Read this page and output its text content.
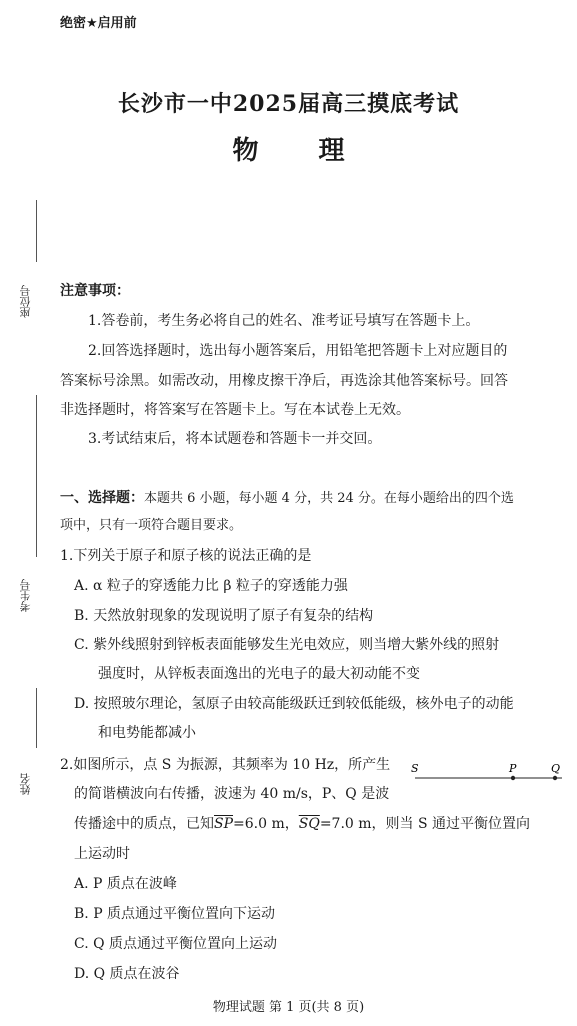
绝密★启用前
长沙市一中2025届高三摸底考试
物 理
座位号
考生号
姓名
注意事项：
1.答卷前，考生务必将自己的姓名、准考证号填写在答题卡上。
2.回答选择题时，选出每小题答案后，用铅笔把答题卡上对应题目的
答案标号涂黑。如需改动，用橡皮擦干净后，再选涂其他答案标号。回答
非选择题时，将答案写在答题卡上。写在本试卷上无效。
3.考试结束后，将本试题卷和答题卡一并交回。
一、选择题：本题共 6 小题，每小题 4 分，共 24 分。在每小题给出的四个选
项中，只有一项符合题目要求。
1.下列关于原子和原子核的说法正确的是
A. α 粒子的穿透能力比 β 粒子的穿透能力强
B. 天然放射现象的发现说明了原子有复杂的结构
C. 紫外线照射到锌板表面能够发生光电效应，则当增大紫外线的照射
强度时，从锌板表面逸出的光电子的最大初动能不变
D. 按照玻尔理论，氢原子由较高能级跃迁到较低能级，核外电子的动能
和电势能都减小
2.如图所示，点 S 为振源，其频率为 10 Hz，所产生
的简谐横波向右传播，波速为 40 m/s，P、Q 是波
传播途中的质点，已知$\overline{SP}=6.0$ m，$\overline{SQ}=7.0$ m，则当 S 通过平衡位置向
上运动时
A. P 质点在波峰
B. P 质点通过平衡位置向下运动
C. Q 质点通过平衡位置向上运动
D. Q 质点在波谷
S	P	Q
物理试题 第 1 页(共 8 页)
